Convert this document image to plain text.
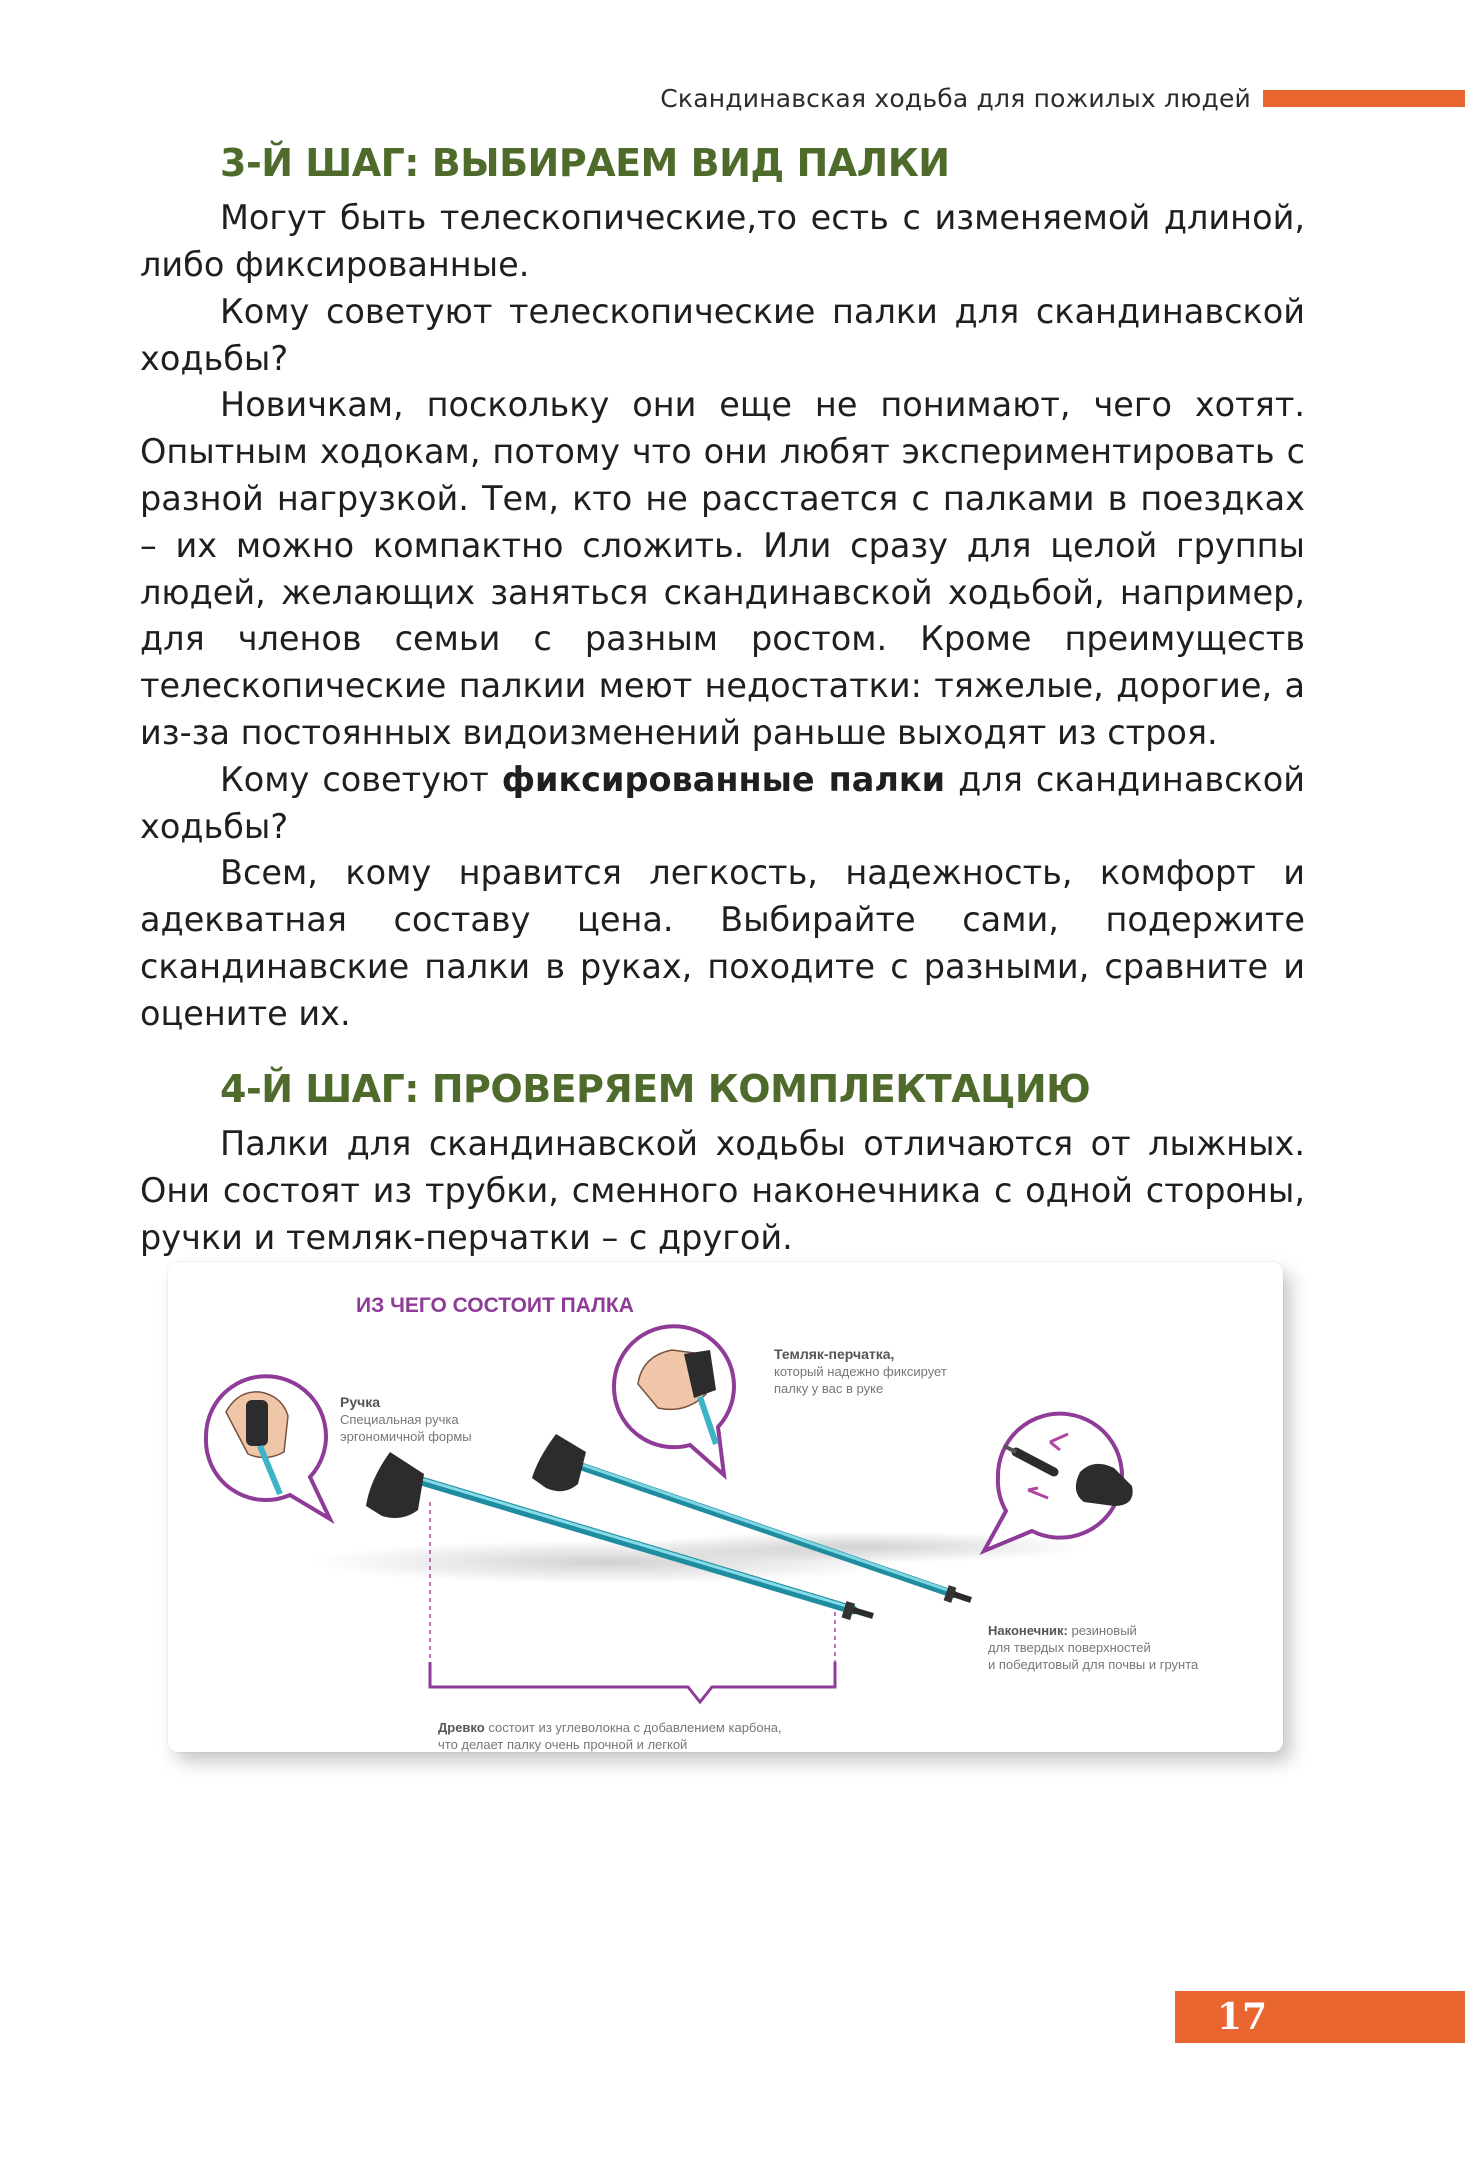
Скандинавская ходьба для пожилых людей
3-Й ШАГ: ВЫБИРАЕМ ВИД ПАЛКИ

Могут быть телескопические,то есть с изменяемой длиной, либо фиксированные.

Кому советуют телескопические палки для скандинавской ходьбы?

Новичкам, поскольку они еще не понимают, чего хотят. Опытным ходокам, потому что они любят экспериментировать с разной нагрузкой. Тем, кто не расстается с палками в поездках – их можно компактно сложить. Или сразу для целой группы людей, желающих заняться скандинавской ходьбой, например, для членов семьи с разным ростом. Кроме преимуществ телескопические палкии меют недостатки: тяжелые, дорогие, а из-за постоянных видоизменений раньше выходят из строя.

Кому советуют фиксированные палки для скандинавской ходьбы?

Всем, кому нравится легкость, надежность, комфорт и адекватная составу цена. Выбирайте сами, подержите скандинавские палки в руках, походите с разными, сравните и оцените их.

4-Й ШАГ: ПРОВЕРЯЕМ КОМПЛЕКТАЦИЮ

Палки для скандинавской ходьбы отличаются от лыжных. Они состоят из трубки, сменного наконечника с одной стороны, ручки и темляк-перчатки – с другой.

ИЗ ЧЕГО СОСТОИТ ПАЛКА
Ручка
Специальная ручка
эргономичной формы
Темляк-перчатка,
который надежно фиксирует
палку у вас в руке
Наконечник: резиновый
для твердых поверхностей
и победитовый для почвы и грунта
Древко состоит из углеволокна с добавлением карбона,
что делает палку очень прочной и легкой
17
